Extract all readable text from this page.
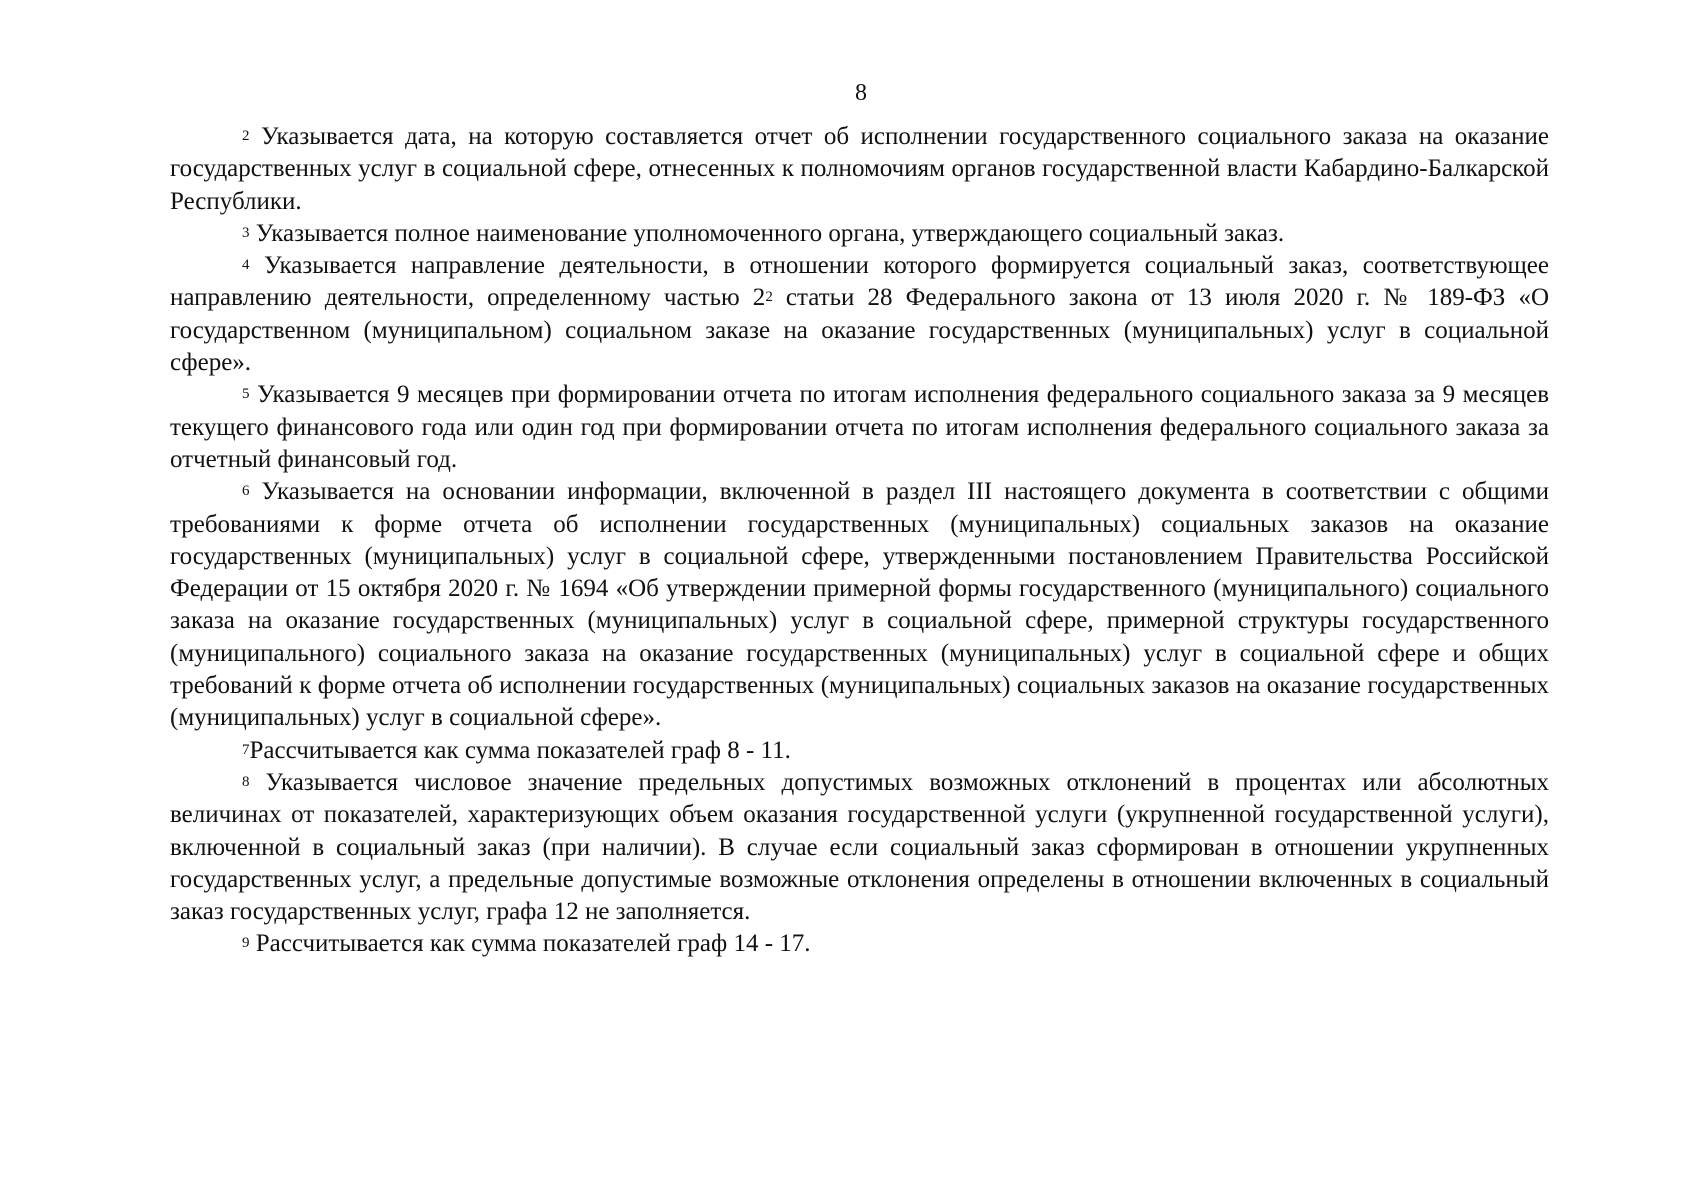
8

$^2$ Указывается дата, на которую составляется отчет об исполнении государственного социального заказа на оказание государственных услуг в социальной сфере, отнесенных к полномочиям органов государственной власти Кабардино-Балкарской Республики.

$^3$ Указывается полное наименование уполномоченного органа, утверждающего социальный заказ.

$^4$ Указывается направление деятельности, в отношении которого формируется социальный заказ, соответствующее направлению деятельности, определенному частью $2^2$ статьи 28 Федерального закона от 13 июля 2020 г. № 189-ФЗ «О государственном (муниципальном) социальном заказе на оказание государственных (муниципальных) услуг в социальной сфере».

$^5$ Указывается 9 месяцев при формировании отчета по итогам исполнения федерального социального заказа за 9 месяцев текущего финансового года или один год при формировании отчета по итогам исполнения федерального социального заказа за отчетный финансовый год.

$^6$ Указывается на основании информации, включенной в раздел III настоящего документа в соответствии с общими требованиями к форме отчета об исполнении государственных (муниципальных) социальных заказов на оказание государственных (муниципальных) услуг в социальной сфере, утвержденными постановлением Правительства Российской Федерации от 15 октября 2020 г. № 1694 «Об утверждении примерной формы государственного (муниципального) социального заказа на оказание государственных (муниципальных) услуг в социальной сфере, примерной структуры государственного (муниципального) социального заказа на оказание государственных (муниципальных) услуг в социальной сфере и общих требований к форме отчета об исполнении государственных (муниципальных) социальных заказов на оказание государственных (муниципальных) услуг в социальной сфере».

$^7$Рассчитывается как сумма показателей граф 8 - 11.

$^8$ Указывается числовое значение предельных допустимых возможных отклонений в процентах или абсолютных величинах от показателей, характеризующих объем оказания государственной услуги (укрупненной государственной услуги), включенной в социальный заказ (при наличии). В случае если социальный заказ сформирован в отношении укрупненных государственных услуг, а предельные допустимые возможные отклонения определены в отношении включенных в социальный заказ государственных услуг, графа 12 не заполняется.

$^9$ Рассчитывается как сумма показателей граф 14 - 17.
